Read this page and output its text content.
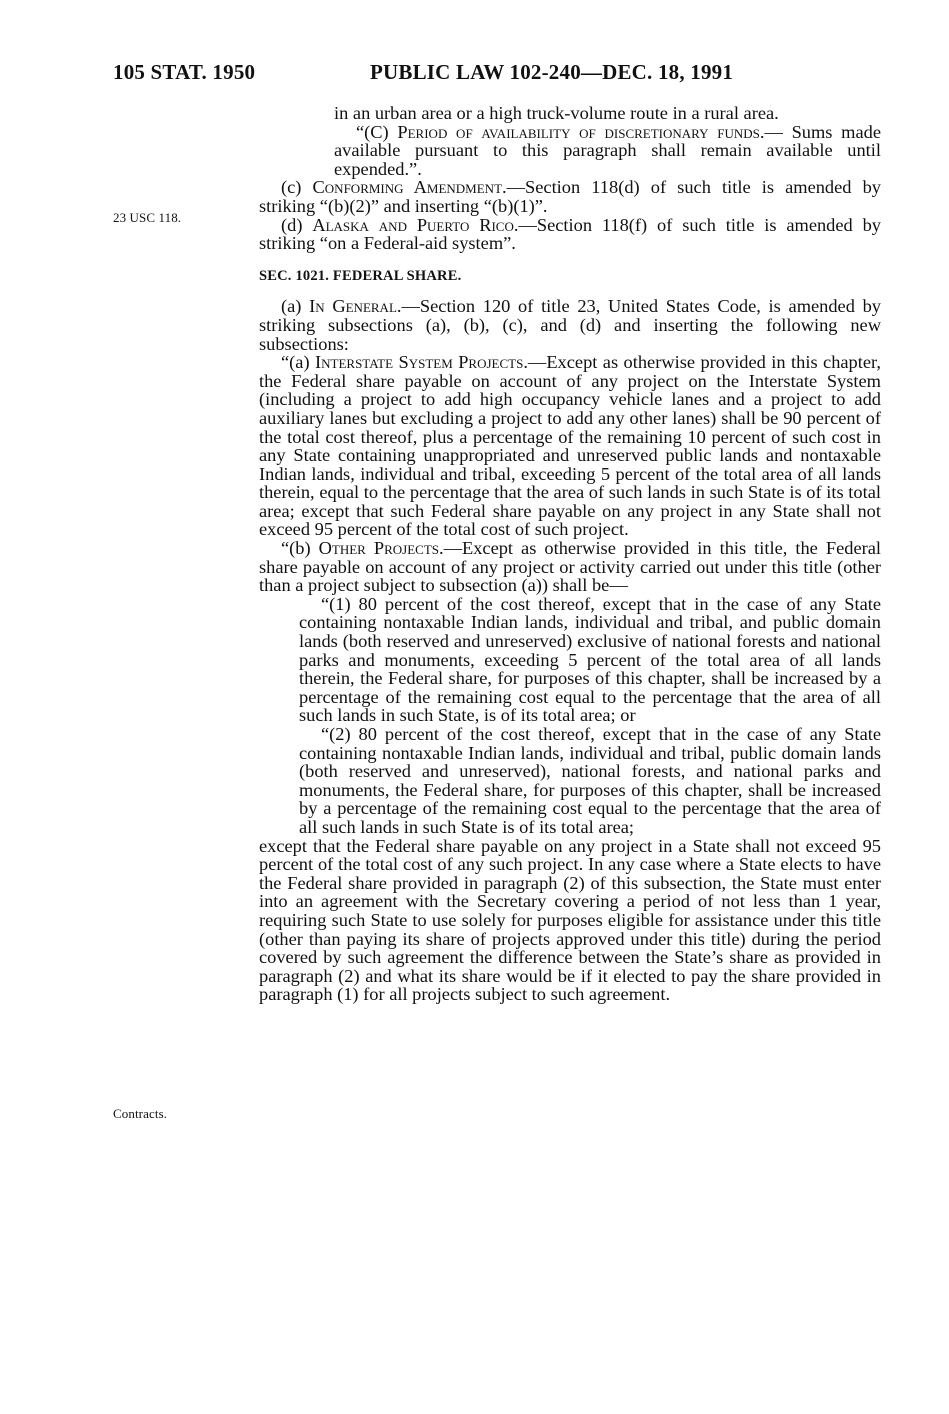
105 STAT. 1950	PUBLIC LAW 102-240—DEC. 18, 1991
23 USC 118.
Contracts.

in an urban area or a high truck-volume route in a rural area.

“(C) Period of availability of discretionary funds.— Sums made available pursuant to this paragraph shall remain available until expended.”.

(c) Conforming Amendment.—Section 118(d) of such title is amended by striking “(b)(2)” and inserting “(b)(1)”.

(d) Alaska and Puerto Rico.—Section 118(f) of such title is amended by striking “on a Federal-aid system”.

SEC. 1021. FEDERAL SHARE.

(a) In General.—Section 120 of title 23, United States Code, is amended by striking subsections (a), (b), (c), and (d) and inserting the following new subsections:

“(a) Interstate System Projects.—Except as otherwise provided in this chapter, the Federal share payable on account of any project on the Interstate System (including a project to add high occupancy vehicle lanes and a project to add auxiliary lanes but excluding a project to add any other lanes) shall be 90 percent of the total cost thereof, plus a percentage of the remaining 10 percent of such cost in any State containing unappropriated and unreserved public lands and nontaxable Indian lands, individual and tribal, exceeding 5 percent of the total area of all lands therein, equal to the percentage that the area of such lands in such State is of its total area; except that such Federal share payable on any project in any State shall not exceed 95 percent of the total cost of such project.

“(b) Other Projects.—Except as otherwise provided in this title, the Federal share payable on account of any project or activity carried out under this title (other than a project subject to subsection (a)) shall be—

“(1) 80 percent of the cost thereof, except that in the case of any State containing nontaxable Indian lands, individual and tribal, and public domain lands (both reserved and unreserved) exclusive of national forests and national parks and monuments, exceeding 5 percent of the total area of all lands therein, the Federal share, for purposes of this chapter, shall be increased by a percentage of the remaining cost equal to the percentage that the area of all such lands in such State, is of its total area; or

“(2) 80 percent of the cost thereof, except that in the case of any State containing nontaxable Indian lands, individual and tribal, public domain lands (both reserved and unreserved), national forests, and national parks and monuments, the Federal share, for purposes of this chapter, shall be increased by a percentage of the remaining cost equal to the percentage that the area of all such lands in such State is of its total area;

except that the Federal share payable on any project in a State shall not exceed 95 percent of the total cost of any such project. In any case where a State elects to have the Federal share provided in paragraph (2) of this subsection, the State must enter into an agreement with the Secretary covering a period of not less than 1 year, requiring such State to use solely for purposes eligible for assistance under this title (other than paying its share of projects approved under this title) during the period covered by such agreement the difference between the State’s share as provided in paragraph (2) and what its share would be if it elected to pay the share provided in paragraph (1) for all projects subject to such agreement.
